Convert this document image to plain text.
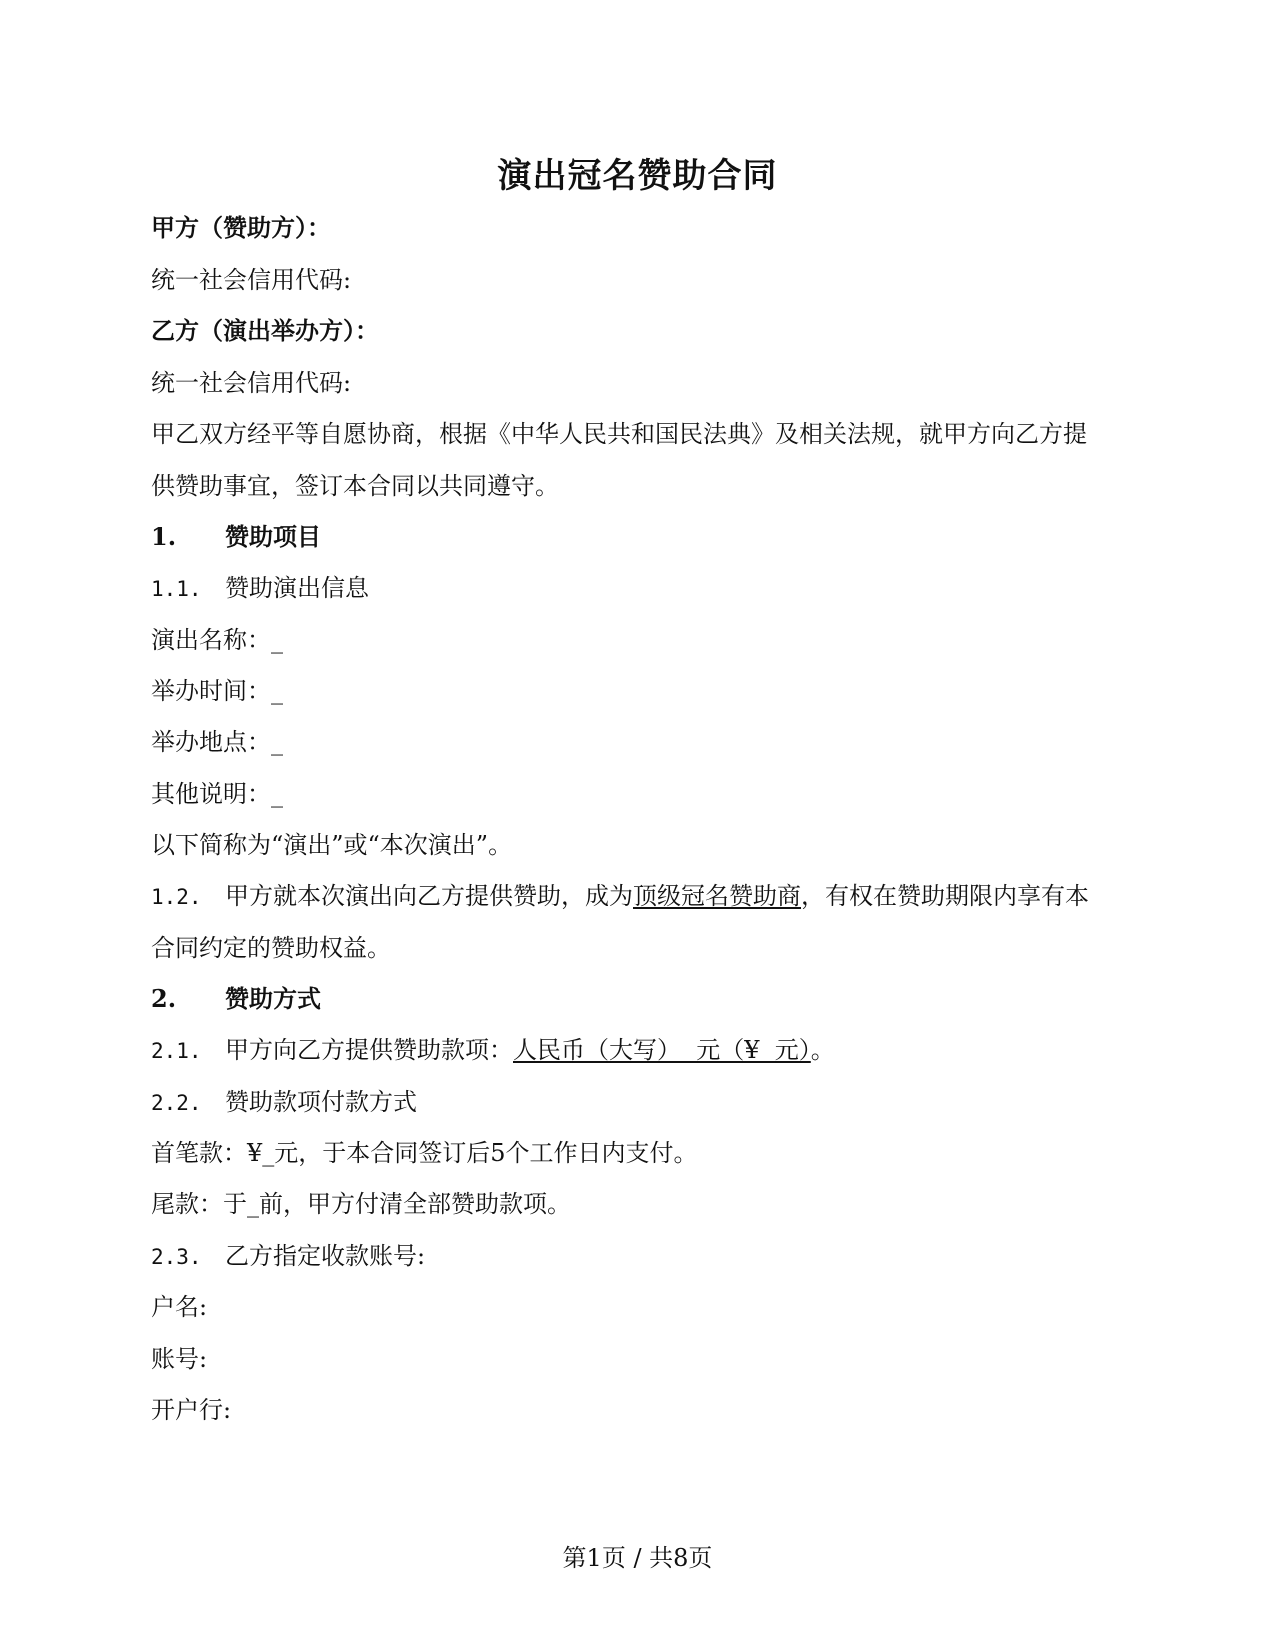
演出冠名赞助合同
甲方（赞助方）：
统一社会信用代码:
乙方（演出举办方）：
统一社会信用代码:
甲乙双方经平等自愿协商，根据《中华人民共和国民法典》及相关法规，就甲方向乙方提
供赞助事宜，签订本合同以共同遵守。
1. 赞助项目
1.1. 赞助演出信息
演出名称：_
举办时间：_
举办地点：_
其他说明：_
以下简称为“演出”或“本次演出”。
1.2. 甲方就本次演出向乙方提供赞助，成为顶级冠名赞助商，有权在赞助期限内享有本
合同约定的赞助权益。
2. 赞助方式
2.1. 甲方向乙方提供赞助款项：人民币（大写）  元（¥  元）。
2.2. 赞助款项付款方式
首笔款：¥_元，于本合同签订后5个工作日内支付。
尾款：于_前，甲方付清全部赞助款项。
2.3. 乙方指定收款账号:
户名:
账号:
开户行:
第1页 / 共8页
